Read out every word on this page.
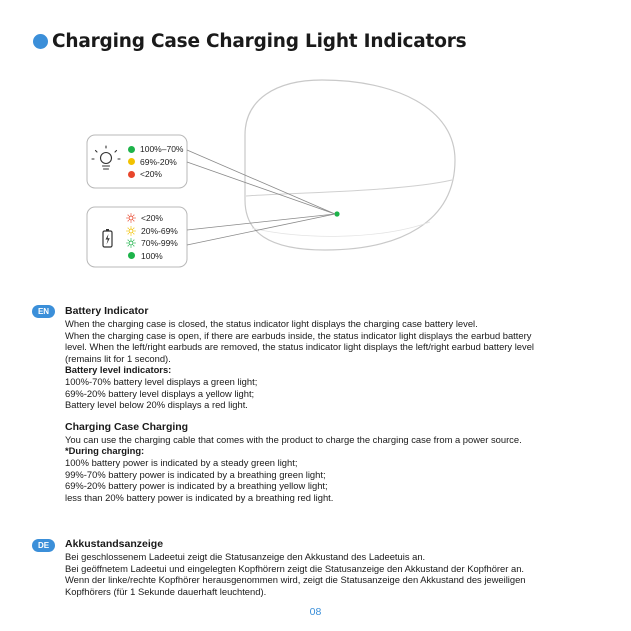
Charging Case Charging Light Indicators
100%–70%
69%-20%
<20%
<20%
20%-69%
70%-99%
100%
EN	Battery Indicator

When the charging case is closed, the status indicator light displays the charging case battery level.

When the charging case is open, if there are earbuds inside, the status indicator light displays the earbud battery

level. When the left/right earbuds are removed, the status indicator light displays the left/right earbud battery level

(remains lit for 1 second).

Battery level indicators:

100%-70% battery level displays a green light;

69%-20% battery level displays a yellow light;

Battery level below 20% displays a red light.

Charging Case Charging

You can use the charging cable that comes with the product to charge the charging case from a power source.

*During charging:

100% battery power is indicated by a steady green light;

99%-70% battery power is indicated by a breathing green light;

69%-20% battery power is indicated by a breathing yellow light;

less than 20% battery power is indicated by a breathing red light.

DE	Akkustandsanzeige

Bei geschlossenem Ladeetui zeigt die Statusanzeige den Akkustand des Ladeetuis an.

Bei geöffnetem Ladeetui und eingelegten Kopfhörern zeigt die Statusanzeige den Akkustand der Kopfhörer an.

Wenn der linke/rechte Kopfhörer herausgenommen wird, zeigt die Statusanzeige den Akkustand des jeweiligen

Kopfhörers (für 1 Sekunde dauerhaft leuchtend).

08
